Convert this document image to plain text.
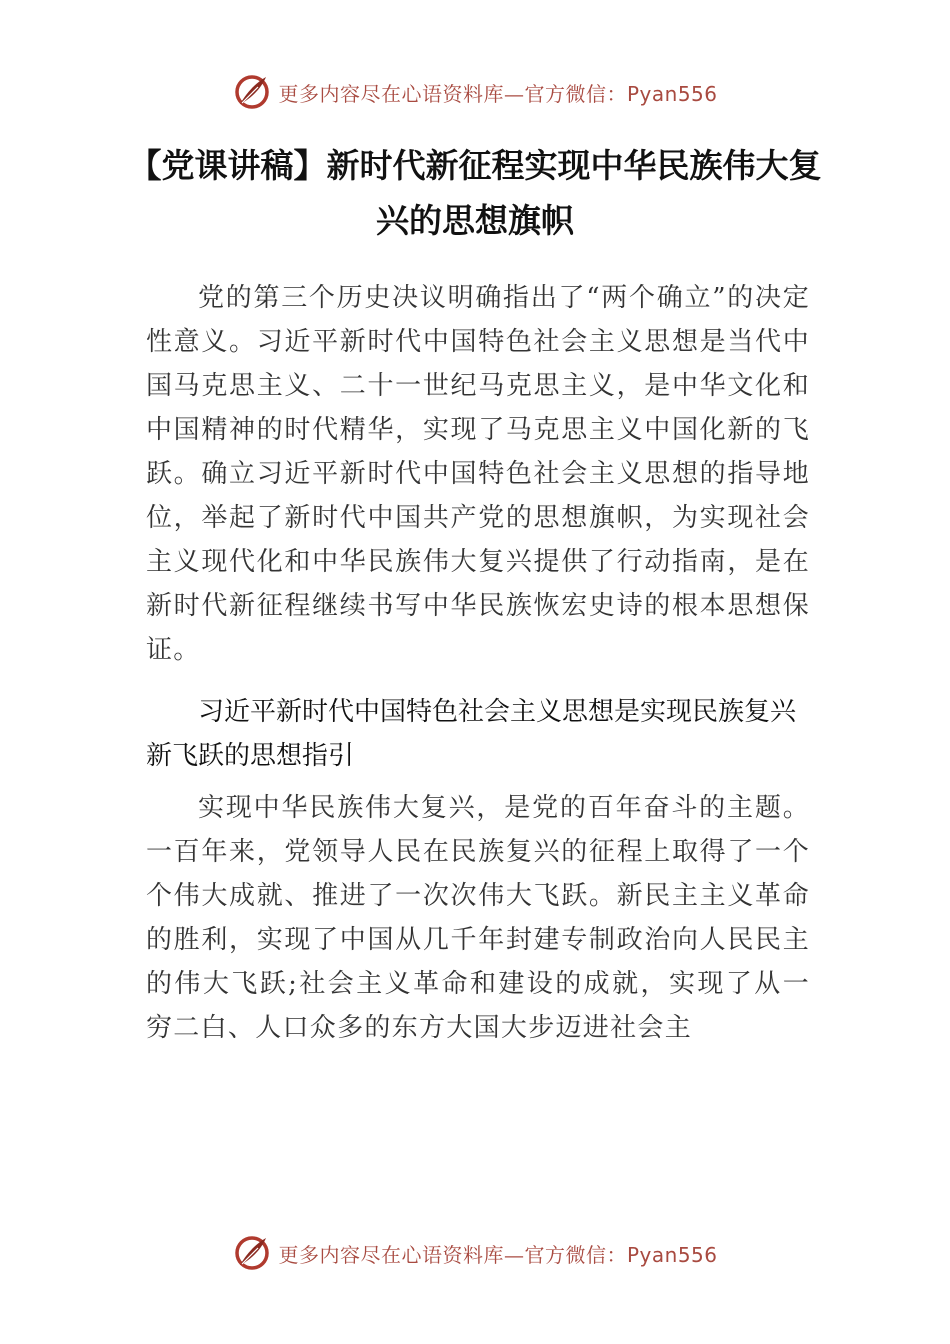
更多内容尽在心语资料库—官方微信：Pyan556
【党课讲稿】新时代新征程实现中华民族伟大复兴的思想旗帜

党的第三个历史决议明确指出了“两个确立”的决定性意义。习近平新时代中国特色社会主义思想是当代中国马克思主义、二十一世纪马克思主义，是中华文化和中国精神的时代精华，实现了马克思主义中国化新的飞跃。确立习近平新时代中国特色社会主义思想的指导地位，举起了新时代中国共产党的思想旗帜，为实现社会主义现代化和中华民族伟大复兴提供了行动指南，是在新时代新征程继续书写中华民族恢宏史诗的根本思想保证。

习近平新时代中国特色社会主义思想是实现民族复兴新飞跃的思想指引

实现中华民族伟大复兴，是党的百年奋斗的主题。一百年来，党领导人民在民族复兴的征程上取得了一个个伟大成就、推进了一次次伟大飞跃。新民主主义革命的胜利，实现了中国从几千年封建专制政治向人民民主的伟大飞跃;社会主义革命和建设的成就，实现了从一穷二白、人口众多的东方大国大步迈进社会主

更多内容尽在心语资料库—官方微信：Pyan556
